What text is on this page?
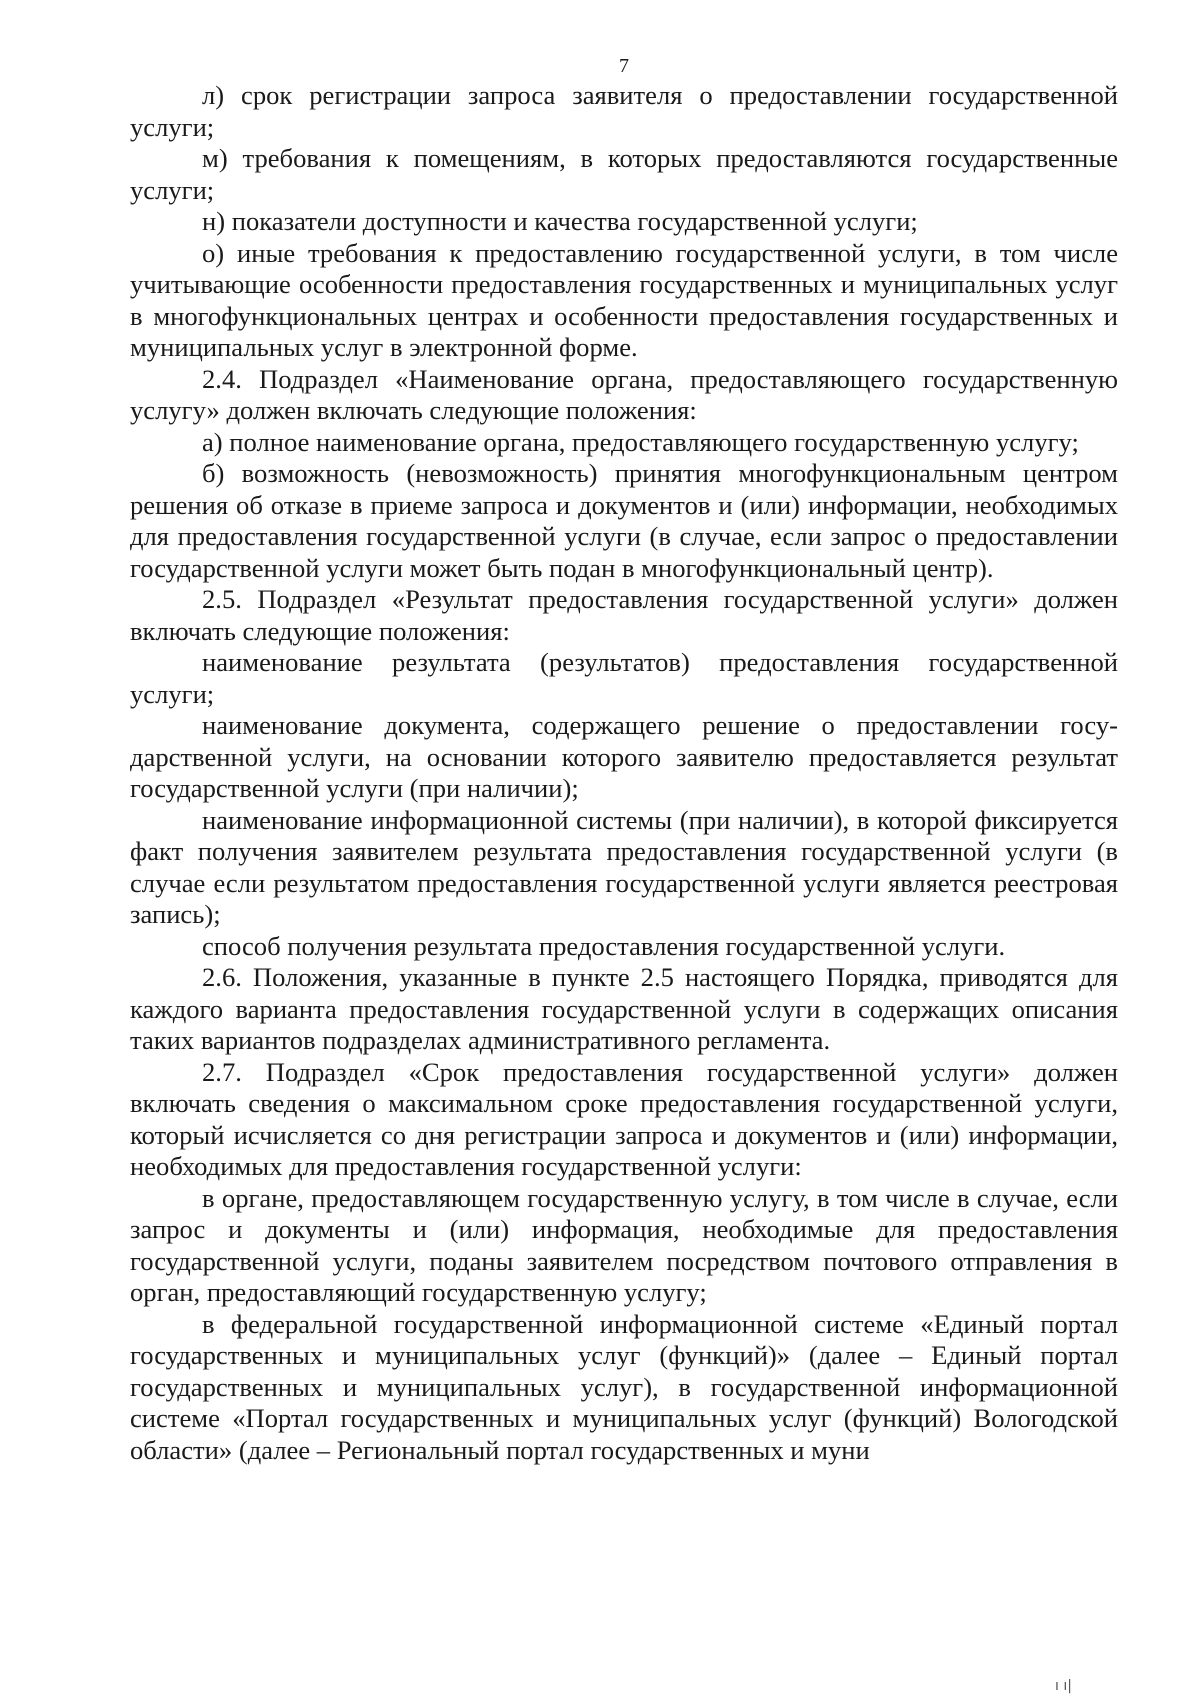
7

л) срок регистрации запроса заявителя о предоставлении государственной услуги;

м) требования к помещениям, в которых предоставляются государственные услуги;

н) показатели доступности и качества государственной услуги;

о) иные требования к предоставлению государственной услуги, в том числе учитывающие особенности предоставления государственных и муниципальных услуг в многофункциональных центрах и особенности предоставления государственных и муниципальных услуг в электронной форме.

2.4. Подраздел «Наименование органа, предоставляющего государственную услугу» должен включать следующие положения:

а) полное наименование органа, предоставляющего государственную услугу;

б) возможность (невозможность) принятия многофункциональным центром решения об отказе в приеме запроса и документов и (или) информации, необходимых для предоставления государственной услуги (в случае, если запрос о предоставлении государственной услуги может быть подан в многофункциональный центр).

2.5. Подраздел «Результат предоставления государственной услуги» должен включать следующие положения:

наименование результата (результатов) предоставления государственной услуги;

наименование документа, содержащего решение о предоставлении государственной услуги, на основании которого заявителю предоставляется результат государственной услуги (при наличии);

наименование информационной системы (при наличии), в которой фиксируется факт получения заявителем результата предоставления государственной услуги (в случае если результатом предоставления государственной услуги является реестровая запись);

способ получения результата предоставления государственной услуги.

2.6. Положения, указанные в пункте 2.5 настоящего Порядка, приводятся для каждого варианта предоставления государственной услуги в содержащих описания таких вариантов подразделах административного регламента.

2.7. Подраздел «Срок предоставления государственной услуги» должен включать сведения о максимальном сроке предоставления государственной услуги, который исчисляется со дня регистрации запроса и документов и (или) информации, необходимых для предоставления государственной услуги:

в органе, предоставляющем государственную услугу, в том числе в случае, если запрос и документы и (или) информация, необходимые для предоставления государственной услуги, поданы заявителем посредством почтового отправления в орган, предоставляющий государственную услугу;

в федеральной государственной информационной системе «Единый портал государственных и муниципальных услуг (функций)» (далее – Единый портал государственных и муниципальных услуг), в государственной информационной системе «Портал государственных и муниципальных услуг (функций) Вологодской области» (далее – Региональный портал государственных и муни

ı ı|
